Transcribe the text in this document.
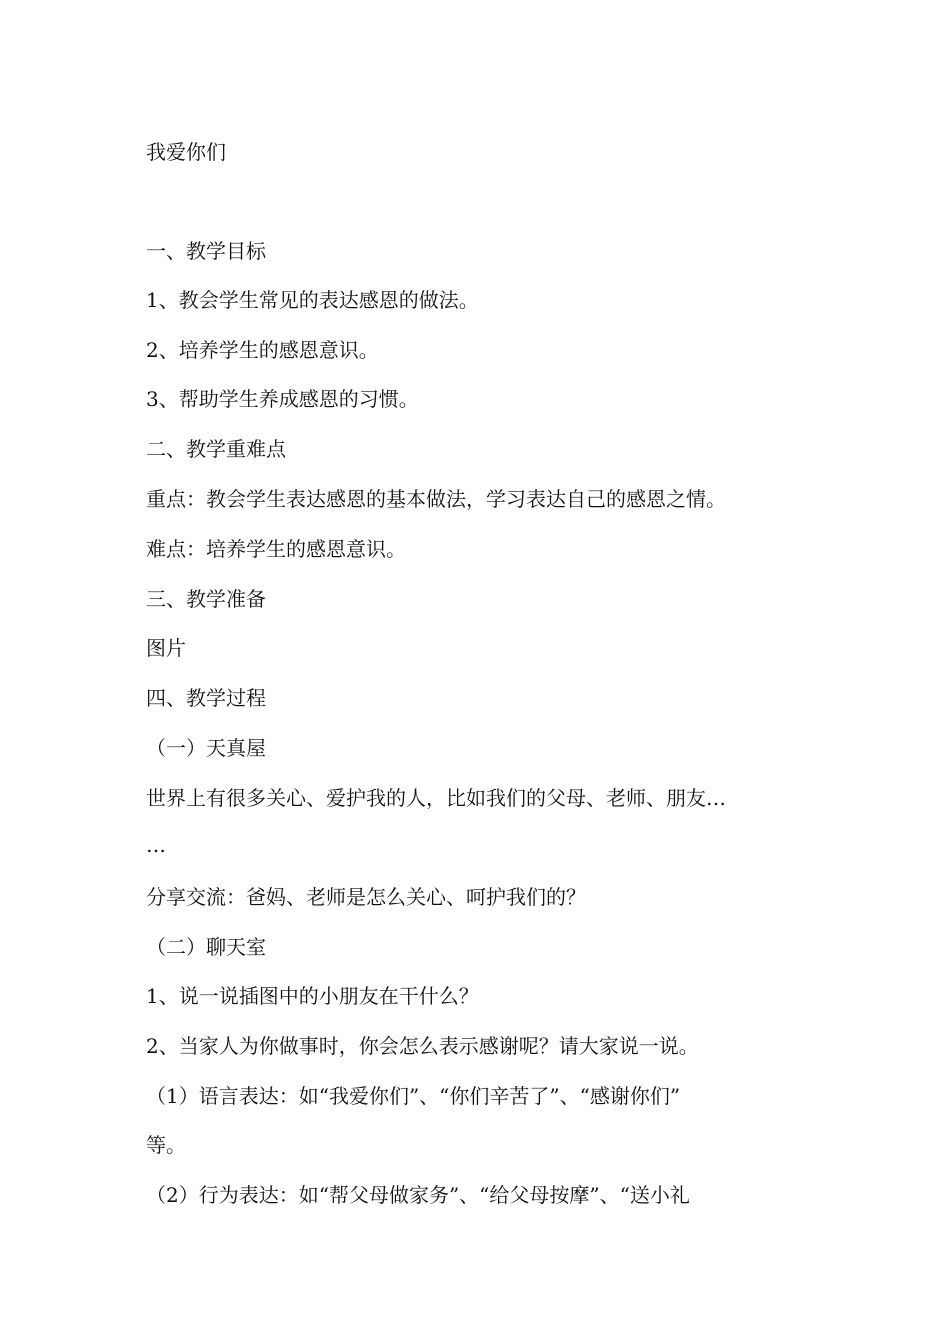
我爱你们
一、教学目标
1、教会学生常见的表达感恩的做法。
2、培养学生的感恩意识。
3、帮助学生养成感恩的习惯。
二、教学重难点
重点：教会学生表达感恩的基本做法，学习表达自己的感恩之情。
难点：培养学生的感恩意识。
三、教学准备
图片
四、教学过程
（一）天真屋
世界上有很多关心、爱护我的人，比如我们的父母、老师、朋友…
…
分享交流：爸妈、老师是怎么关心、呵护我们的？
（二）聊天室
1、说一说插图中的小朋友在干什么？
2、当家人为你做事时，你会怎么表示感谢呢？请大家说一说。
（1）语言表达：如“我爱你们”、“你们辛苦了”、“感谢你们”
等。
（2）行为表达：如“帮父母做家务”、“给父母按摩”、“送小礼
